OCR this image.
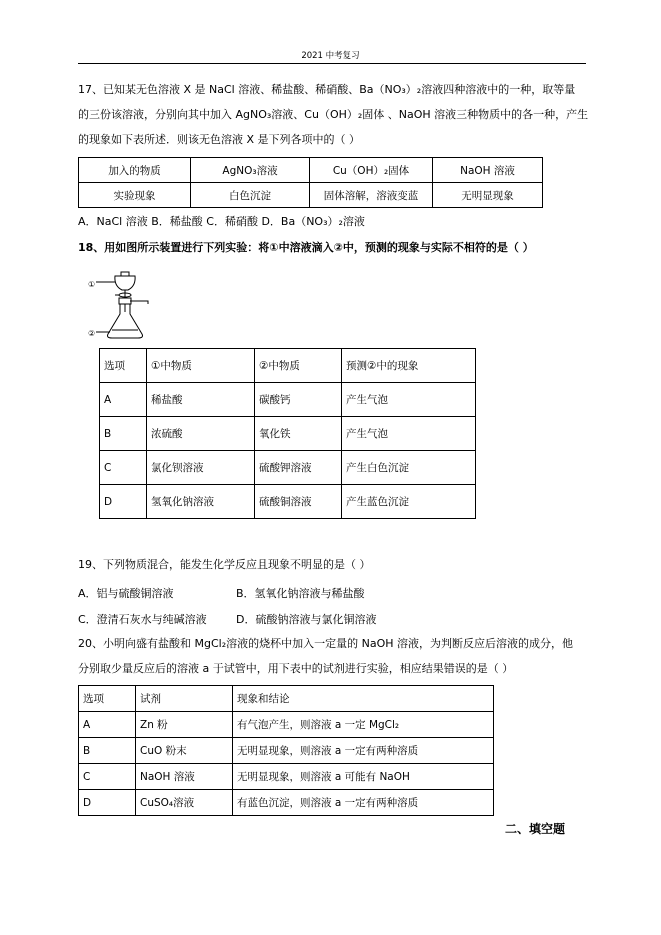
2021 中考复习
17、已知某无色溶液 X 是 NaCl 溶液、稀盐酸、稀硝酸、Ba（NO₃）₂溶液四种溶液中的一种，取等量
的三份该溶液，分别向其中加入 AgNO₃溶液、Cu（OH）₂固体 、NaOH 溶液三种物质中的各一种，产生
的现象如下表所述．则该无色溶液 X 是下列各项中的（ ）
加入的物质	AgNO₃溶液	Cu（OH）₂固体	NaOH 溶液
实验现象	白色沉淀	固体溶解，溶液变蓝	无明显现象
A．NaCl 溶液 B．稀盐酸 C．稀硝酸 D．Ba（NO₃）₂溶液
18、用如图所示装置进行下列实验：将①中溶液滴入②中，预测的现象与实际不相符的是（ ）
①
②
选项	①中物质	②中物质	预测②中的现象
A	稀盐酸	碳酸钙	产生气泡
B	浓硫酸	氧化铁	产生气泡
C	氯化钡溶液	硫酸钾溶液	产生白色沉淀
D	氢氧化钠溶液	硫酸铜溶液	产生蓝色沉淀
19、下列物质混合，能发生化学反应且现象不明显的是（ ）
A．铝与硫酸铜溶液	B．氢氧化钠溶液与稀盐酸
C．澄清石灰水与纯碱溶液	D．硫酸钠溶液与氯化铜溶液
20、小明向盛有盐酸和 MgCl₂溶液的烧杯中加入一定量的 NaOH 溶液，为判断反应后溶液的成分，他
分别取少量反应后的溶液 a 于试管中，用下表中的试剂进行实验，相应结果错误的是（ ）
选项	试剂	现象和结论
A	Zn 粉	有气泡产生，则溶液 a 一定 MgCl₂
B	CuO 粉末	无明显现象，则溶液 a 一定有两种溶质
C	NaOH 溶液	无明显现象，则溶液 a 可能有 NaOH
D	CuSO₄溶液	有蓝色沉淀，则溶液 a 一定有两种溶质
二、填空题
